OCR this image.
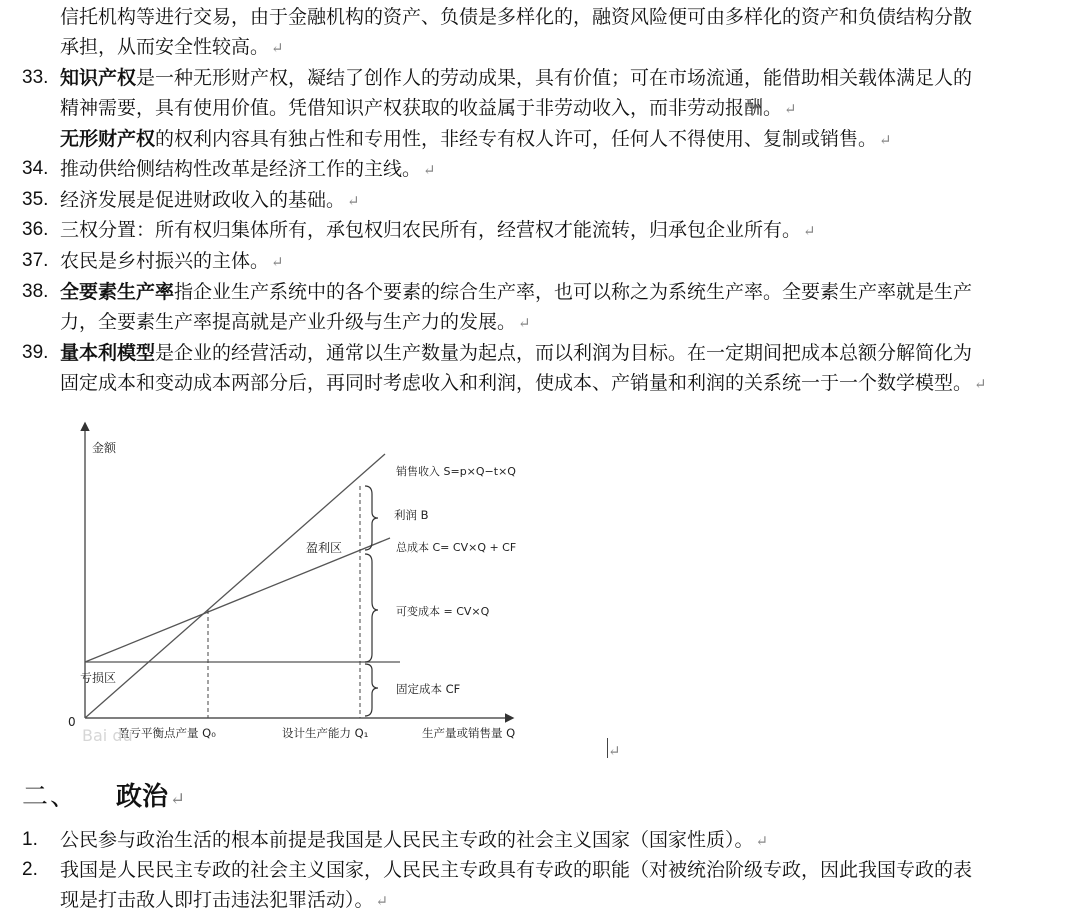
信托机构等进行交易，由于金融机构的资产、负债是多样化的，融资风险便可由多样化的资产和负债结构分散
承担，从而安全性较高。 ↵
33. 知识产权是一种无形财产权，凝结了创作人的劳动成果，具有价值；可在市场流通，能借助相关载体满足人的
精神需要，具有使用价值。凭借知识产权获取的收益属于非劳动收入，而非劳动报酬。 ↵
无形财产权的权利内容具有独占性和专用性，非经专有权人许可，任何人不得使用、复制或销售。 ↵
34. 推动供给侧结构性改革是经济工作的主线。 ↵
35. 经济发展是促进财政收入的基础。 ↵
36. 三权分置：所有权归集体所有，承包权归农民所有，经营权才能流转，归承包企业所有。 ↵
37. 农民是乡村振兴的主体。 ↵
38. 全要素生产率指企业生产系统中的各个要素的综合生产率，也可以称之为系统生产率。全要素生产率就是生产
力，全要素生产率提高就是产业升级与生产力的发展。 ↵
39. 量本利模型是企业的经营活动，通常以生产数量为起点，而以利润为目标。在一定期间把成本总额分解简化为
固定成本和变动成本两部分后，再同时考虑收入和利润，使成本、产销量和利润的关系统一于一个数学模型。 ↵
金额
0
生产量或销售量 Q
盈亏平衡点产量 Q₀	设计生产能力 Q₁
销售收入 S=p×Q−t×Q
利润 B
总成本 C= CV×Q + CF
可变成本 = CV×Q
固定成本 CF
盈利区
亏损区
Bai du
↵
二、 政治 ↵
1. 公民参与政治生活的根本前提是我国是人民民主专政的社会主义国家（国家性质）。 ↵
2. 我国是人民民主专政的社会主义国家，人民民主专政具有专政的职能（对被统治阶级专政，因此我国专政的表
现是打击敌人即打击违法犯罪活动）。 ↵
